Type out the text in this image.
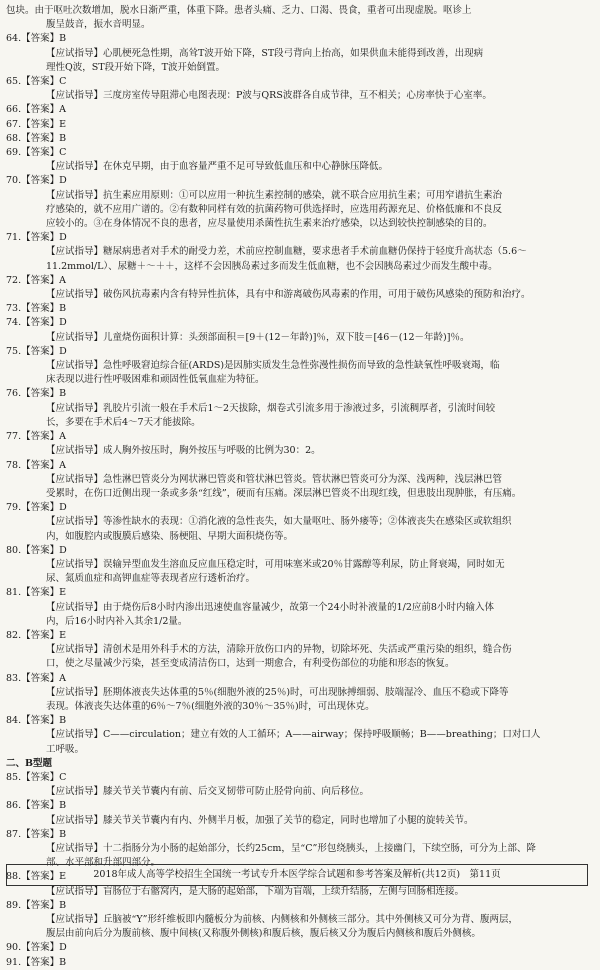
包块。由于呕吐次数增加，脱水日渐严重，体重下降。患者头痛、乏力、口渴、畏食，重者可出现虚脱。呕诊上
腹呈鼓音，振水音明显。
64.【答案】B
【应试指导】心肌梗死急性期，高耸T波开始下降，ST段弓背向上抬高，如果供血未能得到改善，出现病
理性Q波，ST段开始下降，T波开始倒置。
65.【答案】C
【应试指导】三度房室传导阻滞心电图表现：P波与QRS波群各自成节律，互不相关；心房率快于心室率。
66.【答案】A
67.【答案】E
68.【答案】B
69.【答案】C
【应试指导】在休克早期，由于血容量严重不足可导致低血压和中心静脉压降低。
70.【答案】D
【应试指导】抗生素应用原则：①可以应用一种抗生素控制的感染，就不联合应用抗生素；可用窄谱抗生素治
疗感染的，就不应用广谱的。②有数种同样有效的抗菌药物可供选择时，应选用药源充足、价格低廉和不良反
应较小的。③在身体情况不良的患者，应尽量使用杀菌性抗生素来治疗感染，以达到较快控制感染的目的。
71.【答案】D
【应试指导】糖尿病患者对手术的耐受力差，术前应控制血糖，要求患者手术前血糖仍保持于轻度升高状态（5.6～
11.2mmol/L）、尿糖＋～＋＋，这样不会因胰岛素过多而发生低血糖，也不会因胰岛素过少而发生酸中毒。
72.【答案】A
【应试指导】破伤风抗毒素内含有特异性抗体，具有中和游离破伤风毒素的作用，可用于破伤风感染的预防和治疗。
73.【答案】B
74.【答案】D
【应试指导】儿童烧伤面积计算：头颈部面积＝[9＋(12－年龄)]％，双下肢＝[46－(12－年龄)]％。
75.【答案】D
【应试指导】急性呼吸窘迫综合征(ARDS)是因肺实质发生急性弥漫性损伤而导致的急性缺氧性呼吸衰竭，临
床表现以进行性呼吸困难和顽固性低氧血症为特征。
76.【答案】B
【应试指导】乳胶片引流一般在手术后1～2天拔除，烟卷式引流多用于渗液过多，引流稠厚者，引流时间较
长，多要在手术后4～7天才能拔除。
77.【答案】A
【应试指导】成人胸外按压时，胸外按压与呼吸的比例为30：2。
78.【答案】A
【应试指导】急性淋巴管炎分为网状淋巴管炎和管状淋巴管炎。管状淋巴管炎可分为深、浅两种，浅层淋巴管
受累时，在伤口近侧出现一条或多条“红线”，硬而有压痛。深层淋巴管炎不出现红线，但患肢出现肿胀，有压痛。
79.【答案】D
【应试指导】等渗性缺水的表现：①消化液的急性丧失，如大量呕吐、肠外瘘等；②体液丧失在感染区或软组织
内，如腹腔内或腹膜后感染、肠梗阻、早期大面积烧伤等。
80.【答案】D
【应试指导】误输异型血发生溶血反应血压稳定时，可用味塞米或20％甘露醇等利尿，防止肾衰竭，同时如无
尿、氮质血症和高钾血症等表现者应行透析治疗。
81.【答案】E
【应试指导】由于烧伤后8小时内渗出迅速使血容量减少，故第一个24小时补液量的1/2应前8小时内输入体
内，后16小时内补入其余1/2量。
82.【答案】E
【应试指导】清创术是用外科手术的方法，清除开放伤口内的异物，切除坏死、失活或严重污染的组织，缝合伤
口，使之尽量减少污染，甚至变成清洁伤口，达到一期愈合，有利受伤部位的功能和形态的恢复。
83.【答案】A
【应试指导】胚期体液丧失达体重的5％(细胞外液的25％)时，可出现脉搏细弱、肢端湿冷、血压不稳或下降等
表现。体液丧失达体重的6％～7％(细胞外液的30％～35％)时，可出现休克。
84.【答案】B
【应试指导】C——circulation；建立有效的人工循环；A——airway；保持呼吸顺畅；B——breathing；口对口人
工呼吸。
二、B型题
85.【答案】C
【应试指导】膝关节关节囊内有前、后交叉韧带可防止胫骨向前、向后移位。
86.【答案】B
【应试指导】膝关节关节囊内有内、外侧半月板，加强了关节的稳定，同时也增加了小腿的旋转关节。
87.【答案】B
【应试指导】十二指肠分为小肠的起始部分，长约25cm，呈“C”形包绕胰头，上接幽门，下续空肠，可分为上部、降
部、水平部和升部四部分。
88.【答案】E
【应试指导】盲肠位于右髂窝内，是大肠的起始部，下端为盲端，上续升结肠，左侧与回肠相连接。
89.【答案】B
【应试指导】丘脑被“Y”形纤维板即内髓板分为前核、内侧核和外侧核三部分。其中外侧核又可分为背、腹两层，
腹层由前向后分为腹前核、腹中间核(又称腹外侧核)和腹后核，腹后核又分为腹后内侧核和腹后外侧核。
90.【答案】D
91.【答案】B
2018年成人高等学校招生全国统一考试专升本医学综合试题和参考答案及解析(共12页)　第11页
